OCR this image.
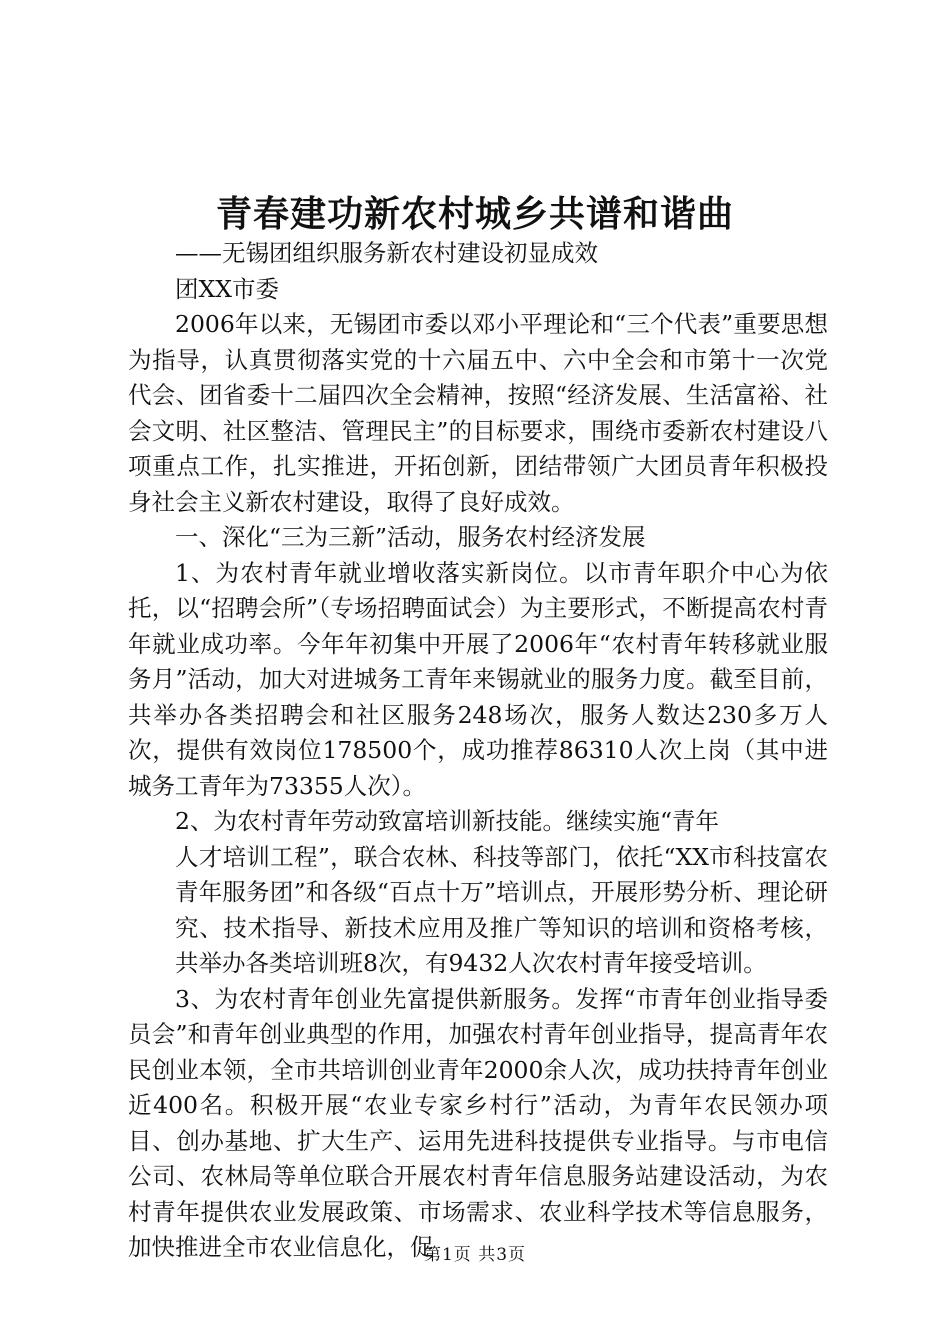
青春建功新农村城乡共谱和谐曲

——无锡团组织服务新农村建设初显成效

团XX市委

2006年以来，无锡团市委以邓小平理论和“三个代表”重要思想为指导，认真贯彻落实党的十六届五中、六中全会和市第十一次党代会、团省委十二届四次全会精神，按照“经济发展、生活富裕、社会文明、社区整洁、管理民主”的目标要求，围绕市委新农村建设八项重点工作，扎实推进，开拓创新，团结带领广大团员青年积极投身社会主义新农村建设，取得了良好成效。

一、深化“三为三新”活动，服务农村经济发展

1、为农村青年就业增收落实新岗位。以市青年职介中心为依托，以“招聘会所”（专场招聘面试会）为主要形式，不断提高农村青年就业成功率。今年年初集中开展了2006年“农村青年转移就业服务月”活动，加大对进城务工青年来锡就业的服务力度。截至目前，共举办各类招聘会和社区服务248场次，服务人数达230多万人次，提供有效岗位178500个，成功推荐86310人次上岗（其中进城务工青年为73355人次）。

2、为农村青年劳动致富培训新技能。继续实施“青年

人才培训工程”，联合农林、科技等部门，依托“XX市科技富农青年服务团”和各级“百点十万”培训点，开展形势分析、理论研究、技术指导、新技术应用及推广等知识的培训和资格考核，共举办各类培训班8次，有9432人次农村青年接受培训。

3、为农村青年创业先富提供新服务。发挥“市青年创业指导委员会”和青年创业典型的作用，加强农村青年创业指导，提高青年农民创业本领，全市共培训创业青年2000余人次，成功扶持青年创业近400名。积极开展“农业专家乡村行”活动，为青年农民领办项目、创办基地、扩大生产、运用先进科技提供专业指导。与市电信公司、农林局等单位联合开展农村青年信息服务站建设活动，为农村青年提供农业发展政策、市场需求、农业科学技术等信息服务，加快推进全市农业信息化，促

第1页 共3页
